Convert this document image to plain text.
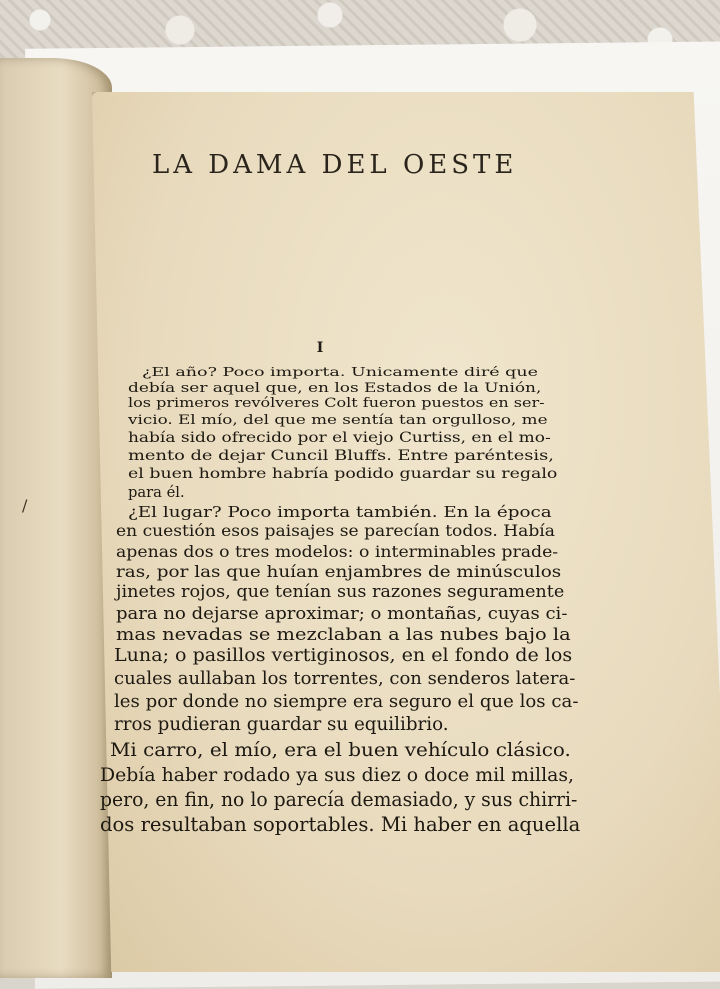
LA DAMA DEL OESTE
I
/
¿El año? Poco importa. Unicamente diré que
debía ser aquel que, en los Estados de la Unión,
los primeros revólveres Colt fueron puestos en ser-
vicio. El mío, del que me sentía tan orgulloso, me
había sido ofrecido por el viejo Curtiss, en el mo-
mento de dejar Cuncil Bluffs. Entre paréntesis,
el buen hombre habría podido guardar su regalo
para él.
¿El lugar? Poco importa también. En la época
en cuestión esos paisajes se parecían todos. Había
apenas dos o tres modelos: o interminables prade-
ras, por las que huían enjambres de minúsculos
jinetes rojos, que tenían sus razones seguramente
para no dejarse aproximar; o montañas, cuyas ci-
mas nevadas se mezclaban a las nubes bajo la
Luna; o pasillos vertiginosos, en el fondo de los
cuales aullaban los torrentes, con senderos latera-
les por donde no siempre era seguro el que los ca-
rros pudieran guardar su equilibrio.
Mi carro, el mío, era el buen vehículo clásico.
Debía haber rodado ya sus diez o doce mil millas,
pero, en fin, no lo parecía demasiado, y sus chirri-
dos resultaban soportables. Mi haber en aquella
